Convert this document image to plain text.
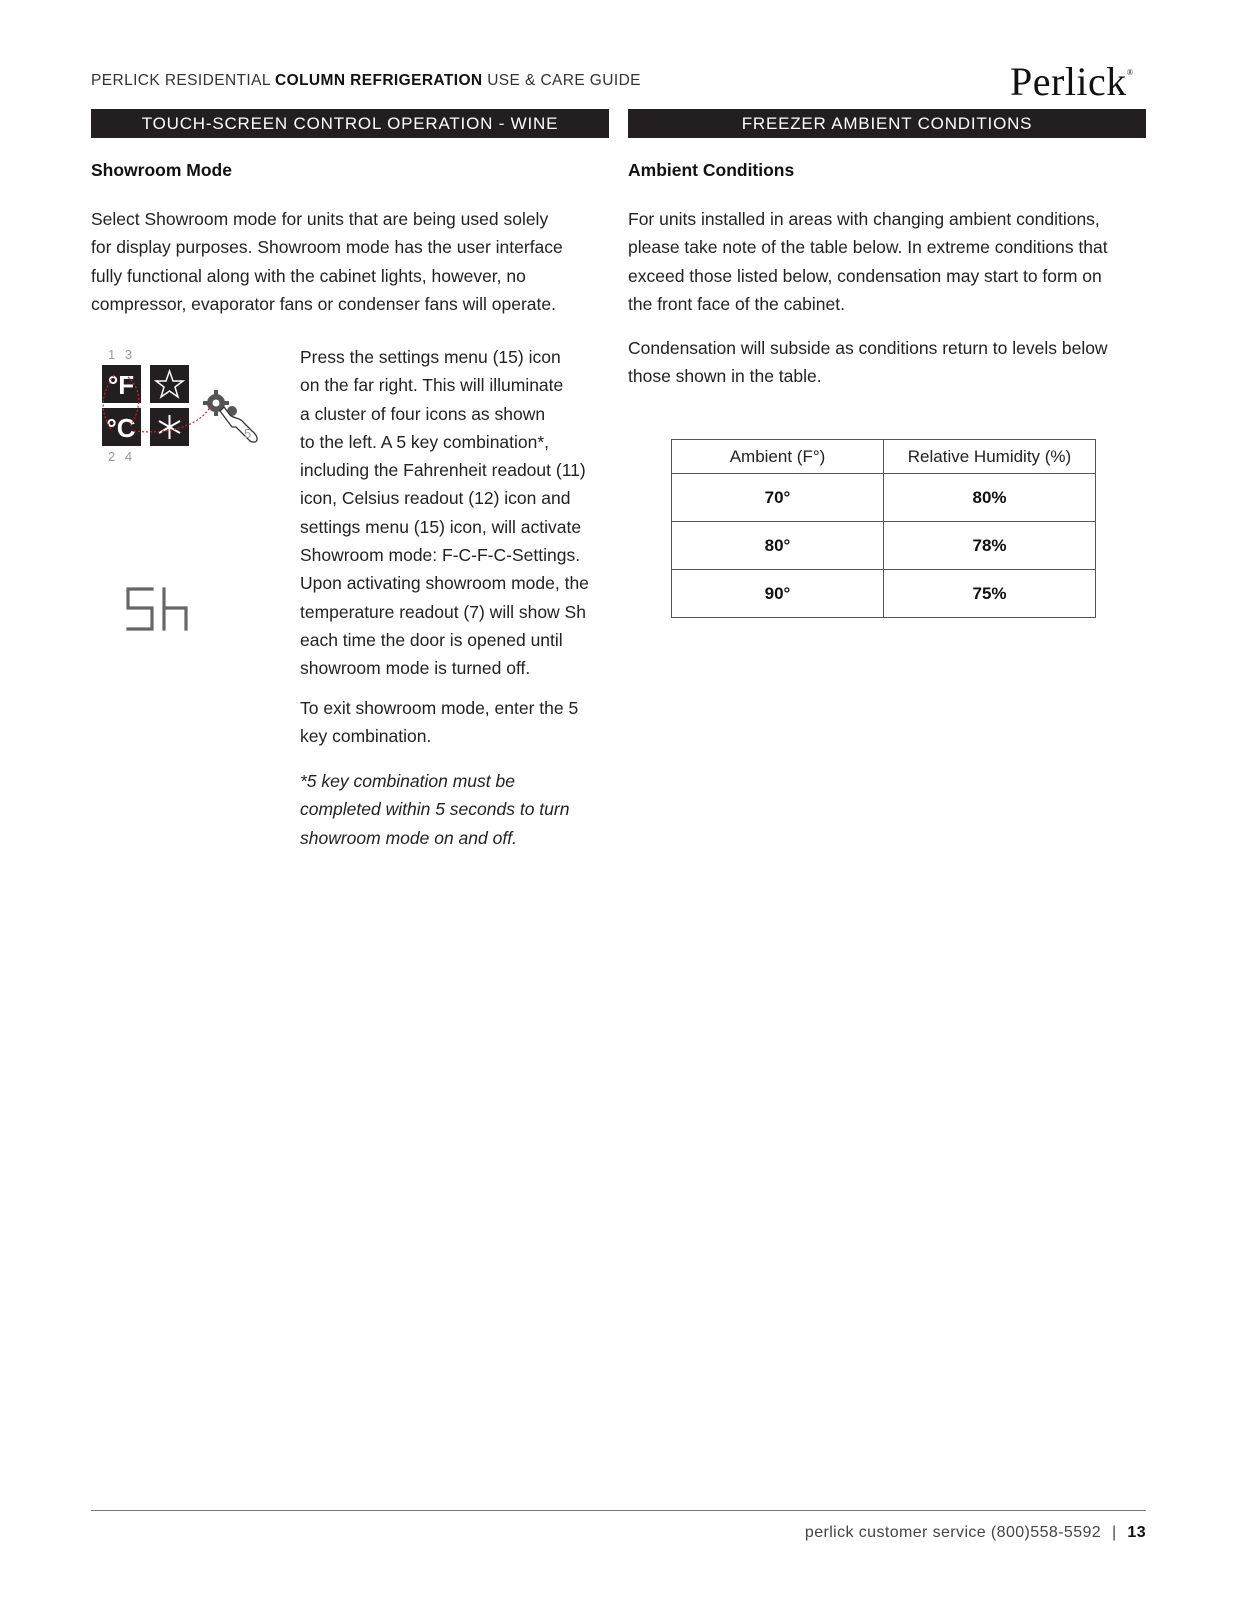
PERLICK RESIDENTIAL COLUMN REFRIGERATION USE & CARE GUIDE	Perlick®
TOUCH-SCREEN CONTROL OPERATION - WINE	FREEZER AMBIENT CONDITIONS
Showroom Mode
Select Showroom mode for units that are being used solely
for display purposes. Showroom mode has the user interface
fully functional along with the cabinet lights, however, no
compressor, evaporator fans or condenser fans will operate.
1 3
°F
°C	5
2 4
Press the settings menu (15) icon
on the far right. This will illuminate
a cluster of four icons as shown
to the left. A 5 key combination*,
including the Fahrenheit readout (11)
icon, Celsius readout (12) icon and
settings menu (15) icon, will activate
Showroom mode: F-C-F-C-Settings.
Upon activating showroom mode, the
temperature readout (7) will show Sh
each time the door is opened until
showroom mode is turned off.
To exit showroom mode, enter the 5
key combination.
*5 key combination must be
completed within 5 seconds to turn
showroom mode on and off.
Ambient Conditions
For units installed in areas with changing ambient conditions,
please take note of the table below. In extreme conditions that
exceed those listed below, condensation may start to form on
the front face of the cabinet.
Condensation will subside as conditions return to levels below
those shown in the table.
Ambient (F°)	Relative Humidity (%)
70°	80%
80°	78%
90°	75%
perlick customer service (800)558-5592 | 13
